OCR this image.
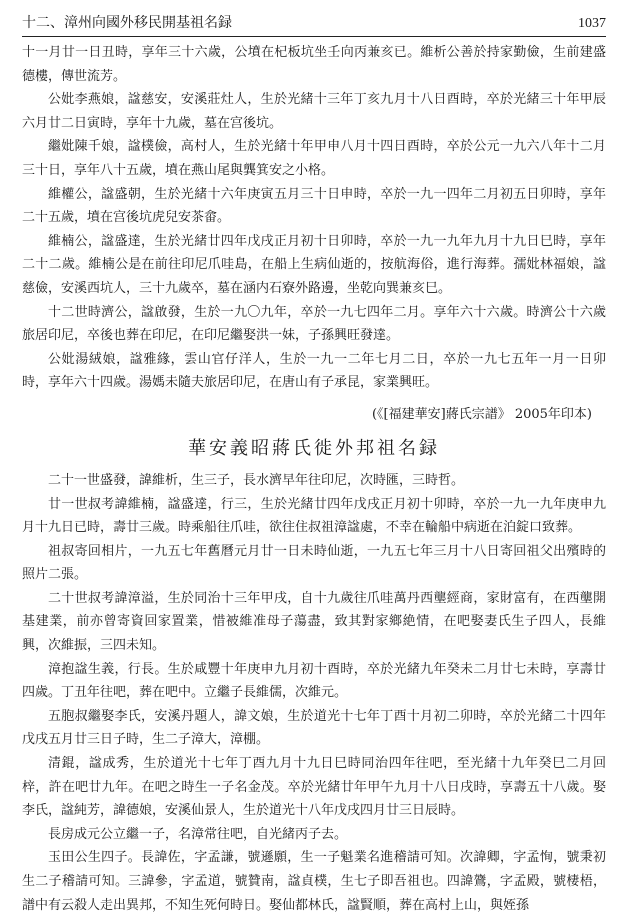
十二、漳州向國外移民開基祖名録	1037

十一月廿一日丑時，享年三十六歲，公墳在杞板坑坐壬向丙兼亥已。維析公善於持家勤儉，生前建盛德樓，傳世流芳。

公妣李燕娘，諡慈安，安溪莊灶人，生於光緒十三年丁亥九月十八日酉時，卒於光緒三十年甲辰六月廿二日寅時，享年十九歲，墓在宫後坑。

繼妣陳千娘，諡樸儉，高村人，生於光緒十年甲申八月十四日酉時，卒於公元一九六八年十二月三十日，享年八十五歲，墳在燕山尾與龔箕安之小格。

維權公，諡盛朝，生於光緒十六年庚寅五月三十日申時，卒於一九一四年二月初五日卯時，享年二十五歲，墳在宫後坑虎兒安茶畲。

維楠公，諡盛達，生於光緒廿四年戊戌正月初十日卯時，卒於一九一九年九月十九日巳時，享年二十二歲。維楠公是在前往印尼爪哇島，在船上生病仙逝的，按航海俗，進行海葬。孺妣林福娘，諡慈儉，安溪西坑人，三十九歲卒，墓在涵内石寮外路邊，坐乾向巽兼亥巳。

十二世時濟公，諡啟發，生於一九〇九年，卒於一九七四年二月。享年六十六歲。時濟公十六歲旅居印尼，卒後也葬在印尼，在印尼繼娶洪一妹，子孫興旺發達。

公妣湯絨娘，諡雅緣，雲山官仔洋人，生於一九一二年七月二日，卒於一九七五年一月一日卯時，享年六十四歲。湯媽未隨夫旅居印尼，在唐山有子承昆，家業興旺。

(《[福建華安]蔣氏宗譜》 2005年印本)
華安義昭蔣氏徙外邦祖名録

二十一世盛發，諱維析，生三子，長水濟早年往印尼，次時匯，三時哲。

廿一世叔考諱維楠，諡盛達，行三，生於光緒廿四年戊戌正月初十卯時，卒於一九一九年庚申九月十九日已時，壽廿三歲。時乘船往爪哇，欲往住叔祖漳諡處，不幸在輪船中病逝在泊錠口致葬。

祖叔寄回相片，一九五七年舊曆元月廿一日未時仙逝，一九五七年三月十八日寄回祖父出殯時的照片二張。

二十世叔考諱漳溢，生於同治十三年甲戌，自十九歲往爪哇萬丹西壟經商，家財富有，在西壟開基建業，前亦曾寄資回家置業，惜被維准母子蕩盡，致其對家鄉絶情，在吧娶妻氏生子四人，長維興，次維振，三四未知。

漳抱諡生義，行長。生於咸豐十年庚申九月初十酉時，卒於光緒九年癸未二月廿七未時，享壽廿四歲。丁丑年往吧，葬在吧中。立繼子長維儒，次維元。

五胞叔繼娶李氏，安溪丹題人，諱文娘，生於道光十七年丁酉十月初二卯時，卒於光緒二十四年戊戌五月廿三日子時，生二子漳大，漳棚。

清錕，諡成秀，生於道光十七年丁酉九月十九日巳時同治四年往吧，至光緒十九年癸巳二月回梓，許在吧廿九年。在吧之時生一子名金茂。卒於光緒廿年甲午九月十八日戌時，享壽五十八歲。娶李氏，諡純芳，諱德娘，安溪仙景人，生於道光十八年戊戌四月廿三日辰時。

長房成元公立繼一子，名漳常往吧，自光緒丙子去。

玉田公生四子。長諱佐，字孟謙，號遜願，生一子魁業名進稽請可知。次諱卿，字孟恂，號秉初生二子稽請可知。三諱參，字孟道，號贊南，諡貞樸，生七子即吾祖也。四諱鷟，字孟殿，號棲梧，譜中有云殺人走出異邦，不知生死何時日。娶仙都林氏，諡賢順，葬在高村上山，與姪孫
